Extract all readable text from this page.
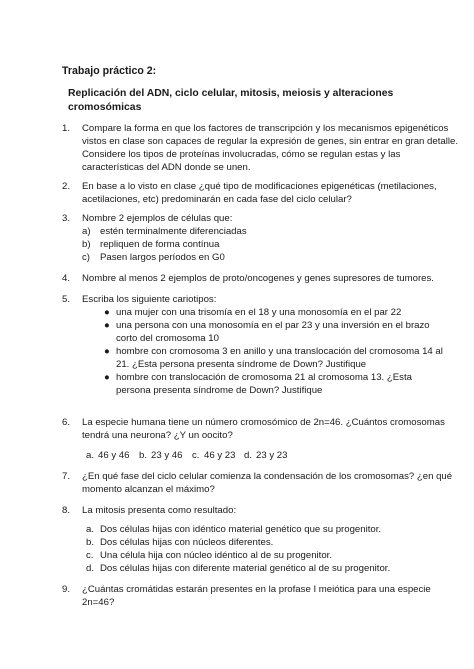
Trabajo práctico 2:
Replicación del ADN, ciclo celular, mitosis, meiosis y alteraciones
cromosómicas
1. Compare la forma en que los factores de transcripción y los mecanismos epigenéticos
vistos en clase son capaces de regular la expresión de genes, sin entrar en gran detalle.
Considere los tipos de proteínas involucradas, cómo se regulan estas y las
características del ADN donde se unen.
2. En base a lo visto en clase ¿qué tipo de modificaciones epigenéticas (metilaciones,
acetilaciones, etc) predominarán en cada fase del ciclo celular?
3. Nombre 2 ejemplos de células que:
a) estén terminalmente diferenciadas
b) repliquen de forma contínua
c) Pasen largos períodos en G0
4. Nombre al menos 2 ejemplos de proto/oncogenes y genes supresores de tumores.
5. Escriba los siguiente cariotipos:
● una mujer con una trisomía en el 18 y una monosomía en el par 22
● una persona con una monosomía en el par 23 y una inversión en el brazo
corto del cromosoma 10
● hombre con cromosoma 3 en anillo y una translocación del cromosoma 14 al
21. ¿Esta persona presenta síndrome de Down? Justifique
● hombre con translocación de cromosoma 21 al cromosoma 13. ¿Esta
persona presenta síndrome de Down? Justifique
6. La especie humana tiene un número cromosómico de 2n=46. ¿Cuántos cromosomas
tendrá una neurona? ¿Y un oocito?
a. 46 y 46 b. 23 y 46 c. 46 y 23 d. 23 y 23
7. ¿En qué fase del ciclo celular comienza la condensación de los cromosomas? ¿en qué
momento alcanzan el máximo?
8. La mitosis presenta como resultado:
a. Dos células hijas con idéntico material genético que su progenitor.
b. Dos células hijas con núcleos diferentes.
c. Una célula hija con núcleo idéntico al de su progenitor.
d. Dos células hijas con diferente material genético al de su progenitor.
9. ¿Cuántas cromátidas estarán presentes en la profase I meiótica para una especie
2n=46?
